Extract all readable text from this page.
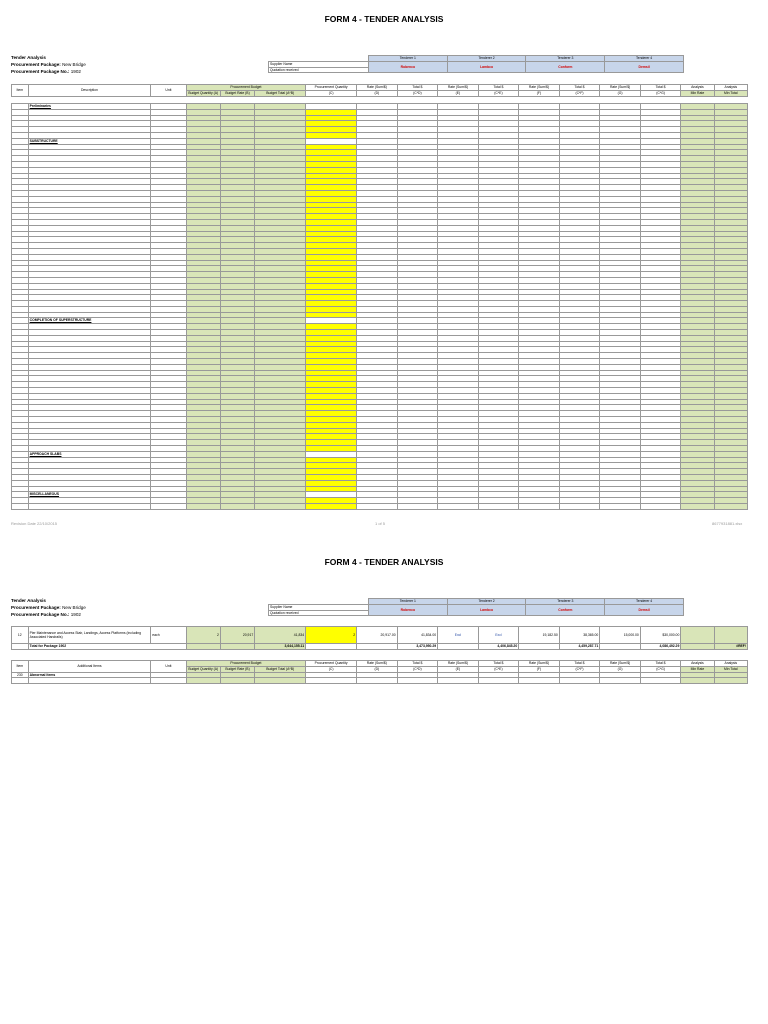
FORM 4 - TENDER ANALYSIS
Tender Analysis
Procurement Package: New Bridge
Procurement Package No.: 1902
	Tenderer 1	Tenderer 2	Tenderer 3	Tenderer 4
Supplier Name	Robenco	Lambco	Conform	Demsil
Quotation received				
Item	Description	Unit	Procurement Budget			Procurement Quantity	Rate (Sum/$)	Total $	Rate (Sum/$)	Total $	Rate (Sum/$)	Total $	Rate (Sum/$)	Total $	Analysis	Analysis
			Budget Quantity (A)	Budget Rate (B)	Budget Total (A*B)	(C)	(D)	(C*D)	(E)	(C*E)	(F)	(C*F)	(G)	(C*G)	Min Rate	Min Total
	Preliminaries															

	SUBSTRUCTURE															

	COMPLETION OF SUPERSTRUCTURE															

	APPROACH SLABS															

	MISCELLANEOUS															

Revision Date 22/10/2015	1 of 5	8677931881.xlsx
FORM 4 - TENDER ANALYSIS
Tender Analysis
Procurement Package: New Bridge
Procurement Package No.: 1902
	Tenderer 1	Tenderer 2	Tenderer 3	Tenderer 4
Supplier Name	Robenco	Lambco	Conform	Demsil
Quotation received				
12	Pier Maintenance and Access Stair, Landings, Access Platforms (including Associated Handrails)	each	2	20,917	41,834	2	20,917.00	41,834.00	Excl	Excl	19,182.50	38,365.00	15,000.00	$30,000.00		
	Total for Package 1902				3,644,155.11			3,473,950.29		4,406,845.20		4,459,287.71		4,086,492.29		#REF!
Item	Additional Items	Unit	Procurement Budget			Procurement Quantity	Rate (Sum/$)	Total $	Rate (Sum/$)	Total $	Rate (Sum/$)	Total $	Rate (Sum/$)	Total $	Analysis	Analysis
			Budget Quantity (A)	Budget Rate (B)	Budget Total (A*B)	(C)	(D)	(C*D)	(E)	(C*E)	(F)	(C*F)	(G)	(C*G)	Min Rate	Min Total
230	Abnormal items															
